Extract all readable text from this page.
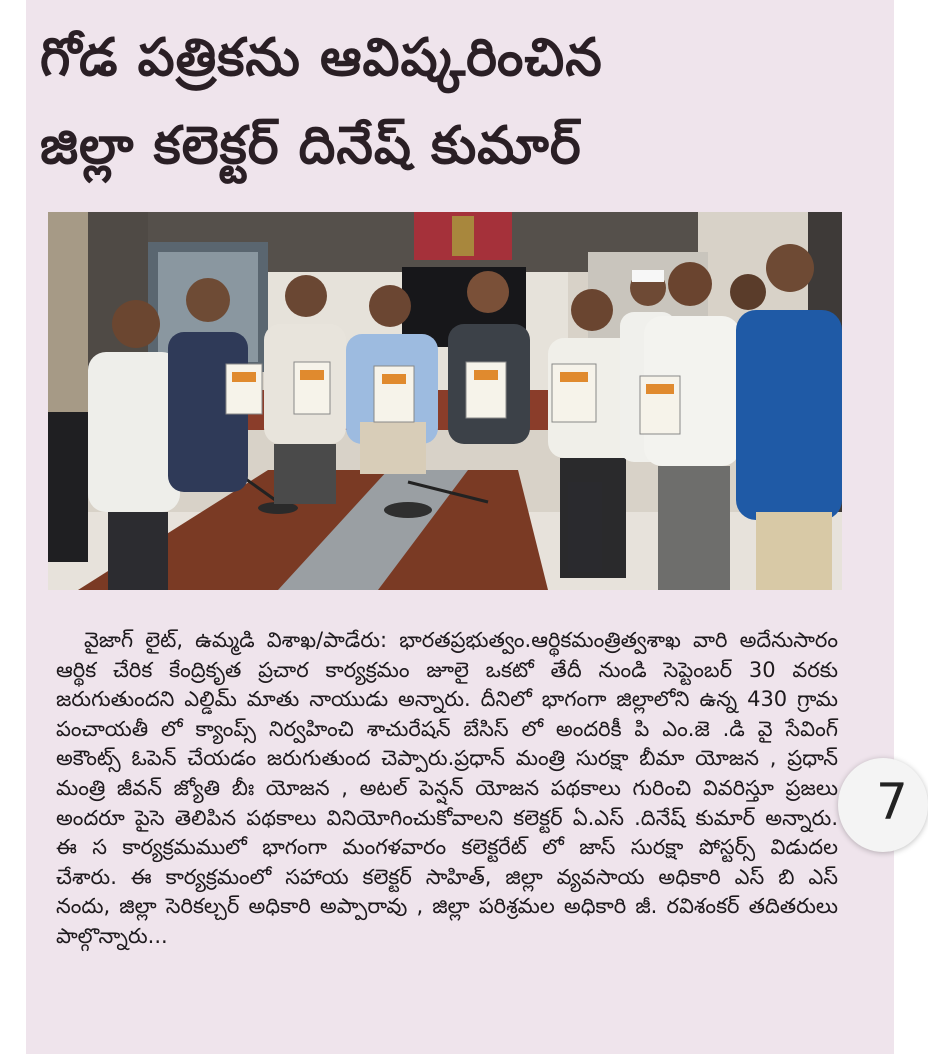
గోడ పత్రికను ఆవిష్కరించిన
జిల్లా కలెక్టర్ దినేష్ కుమార్

వైజాగ్ లైట్, ఉమ్మడి విశాఖ/పాడేరు: భారతప్రభుత్వం.ఆర్థికమంత్రిత్వశాఖ వారి అదేనుసారం ఆర్థిక చేరిక కేంద్రికృత ప్రచార కార్యక్రమం జూలై ఒకటో తేదీ నుండి సెప్టెంబర్ 30 వరకు జరుగుతుందని ఎల్డిమ్ మాతు నాయుడు అన్నారు. దీనిలో భాగంగా జిల్లాలోని ఉన్న 430 గ్రామ పంచాయతీ లో క్యాంప్స్ నిర్వహించి శాచురేషన్ బేసిస్ లో అందరికీ పి ఎం.జె .డి వై సేవింగ్ అకౌంట్స్ ఓపెన్ చేయడం జరుగుతుంద చెప్పారు.ప్రధాన్ మంత్రి సురక్షా బీమా యోజన , ప్రధాన్ మంత్రి జీవన్ జ్యోతి బీః యోజన , అటల్ పెన్షన్ యోజన పథకాలు గురించి వివరిస్తూ ప్రజలు అందరూ పైసె తెలిపిన పథకాలు వినియోగించుకోవాలని కలెక్టర్ ఏ.ఎస్ .దినేష్ కుమార్ అన్నారు. ఈ స కార్యక్రమములో భాగంగా మంగళవారం కలెక్టరేట్ లో జాస్ సురక్షా పోస్టర్స్ విడుదల చేశారు. ఈ కార్యక్రమంలో సహాయ కలెక్టర్ సాహిత్, జిల్లా వ్యవసాయ అధికారి ఎస్ బి ఎస్ నందు, జిల్లా సెరికల్చర్ అధికారి అప్పారావు , జిల్లా పరిశ్రమల అధికారి జీ. రవిశంకర్ తదితరులు పాల్గొన్నారు...

7
